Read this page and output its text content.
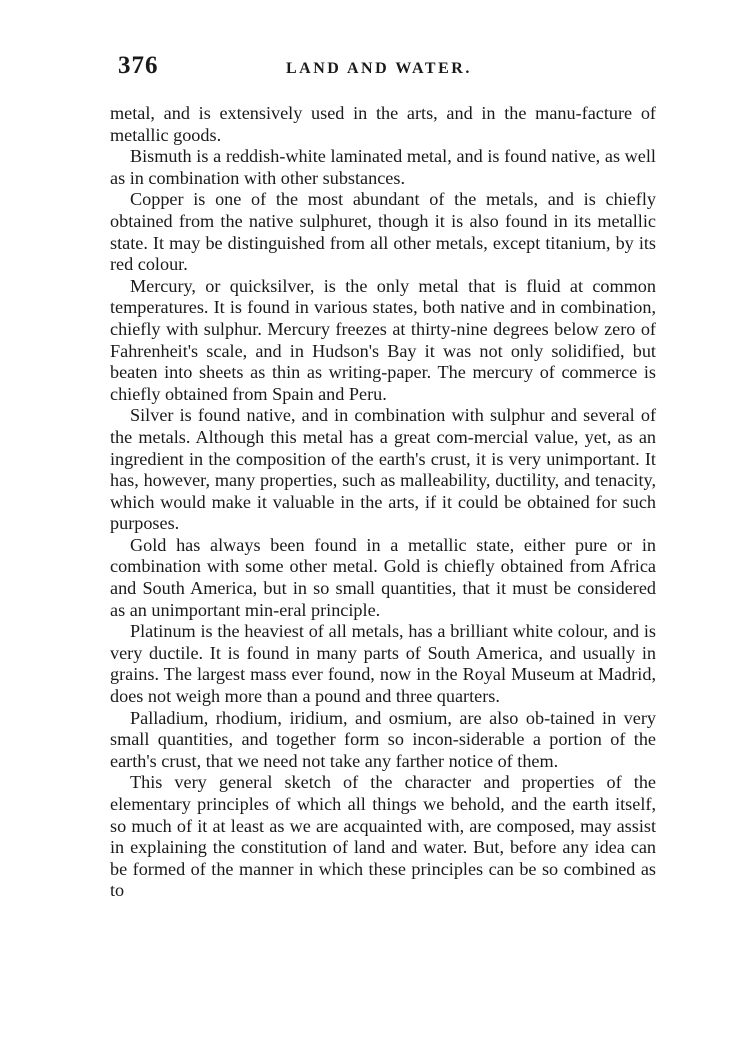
376	LAND AND WATER.

metal, and is extensively used in the arts, and in the manu-facture of metallic goods.

Bismuth is a reddish-white laminated metal, and is found native, as well as in combination with other substances.

Copper is one of the most abundant of the metals, and is chiefly obtained from the native sulphuret, though it is also found in its metallic state. It may be distinguished from all other metals, except titanium, by its red colour.

Mercury, or quicksilver, is the only metal that is fluid at common temperatures. It is found in various states, both native and in combination, chiefly with sulphur. Mercury freezes at thirty-nine degrees below zero of Fahrenheit's scale, and in Hudson's Bay it was not only solidified, but beaten into sheets as thin as writing-paper. The mercury of commerce is chiefly obtained from Spain and Peru.

Silver is found native, and in combination with sulphur and several of the metals. Although this metal has a great com-mercial value, yet, as an ingredient in the composition of the earth's crust, it is very unimportant. It has, however, many properties, such as malleability, ductility, and tenacity, which would make it valuable in the arts, if it could be obtained for such purposes.

Gold has always been found in a metallic state, either pure or in combination with some other metal. Gold is chiefly obtained from Africa and South America, but in so small quantities, that it must be considered as an unimportant min-eral principle.

Platinum is the heaviest of all metals, has a brilliant white colour, and is very ductile. It is found in many parts of South America, and usually in grains. The largest mass ever found, now in the Royal Museum at Madrid, does not weigh more than a pound and three quarters.

Palladium, rhodium, iridium, and osmium, are also ob-tained in very small quantities, and together form so incon-siderable a portion of the earth's crust, that we need not take any farther notice of them.

This very general sketch of the character and properties of the elementary principles of which all things we behold, and the earth itself, so much of it at least as we are acquainted with, are composed, may assist in explaining the constitution of land and water. But, before any idea can be formed of the manner in which these principles can be so combined as to
